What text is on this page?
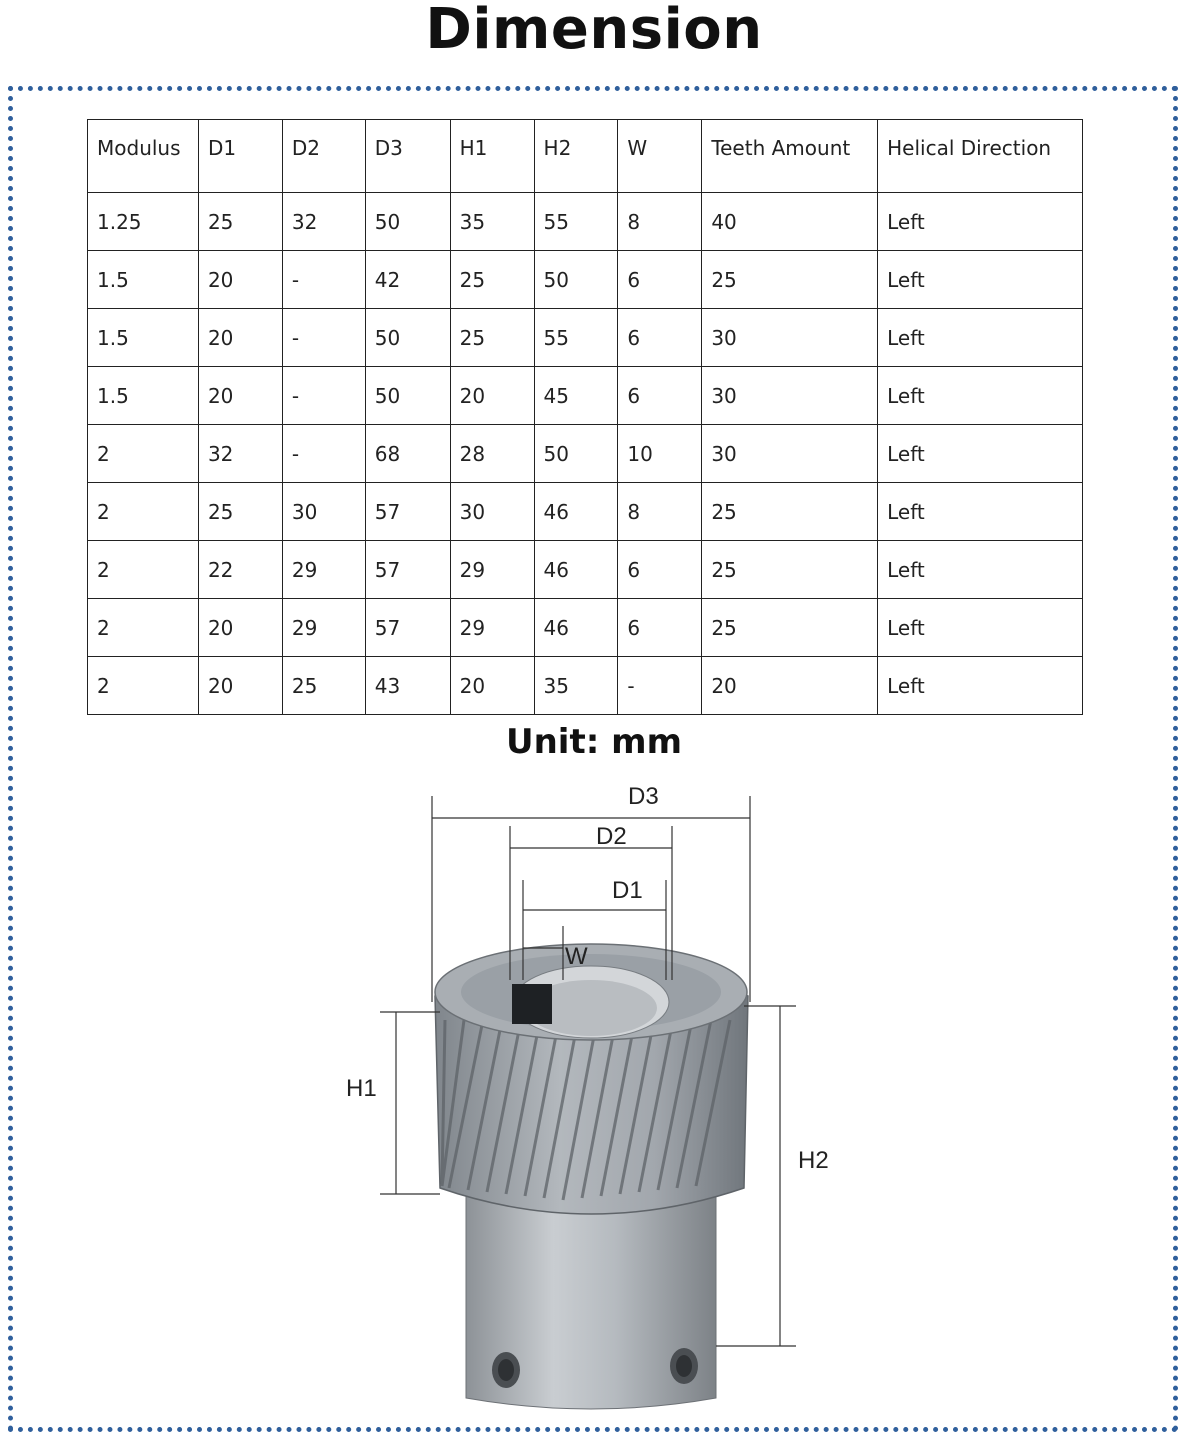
Dimension
Modulus	D1	D2	D3	H1	H2	W	Teeth Amount	Helical Direction
1.25	25	32	50	35	55	8	40	Left
1.5	20	-	42	25	50	6	25	Left
1.5	20	-	50	25	55	6	30	Left
1.5	20	-	50	20	45	6	30	Left
2	32	-	68	28	50	10	30	Left
2	25	30	57	30	46	8	25	Left
2	22	29	57	29	46	6	25	Left
2	20	29	57	29	46	6	25	Left
2	20	25	43	20	35	-	20	Left
Unit: mm
D3
D2
D1
W
H1
H2
